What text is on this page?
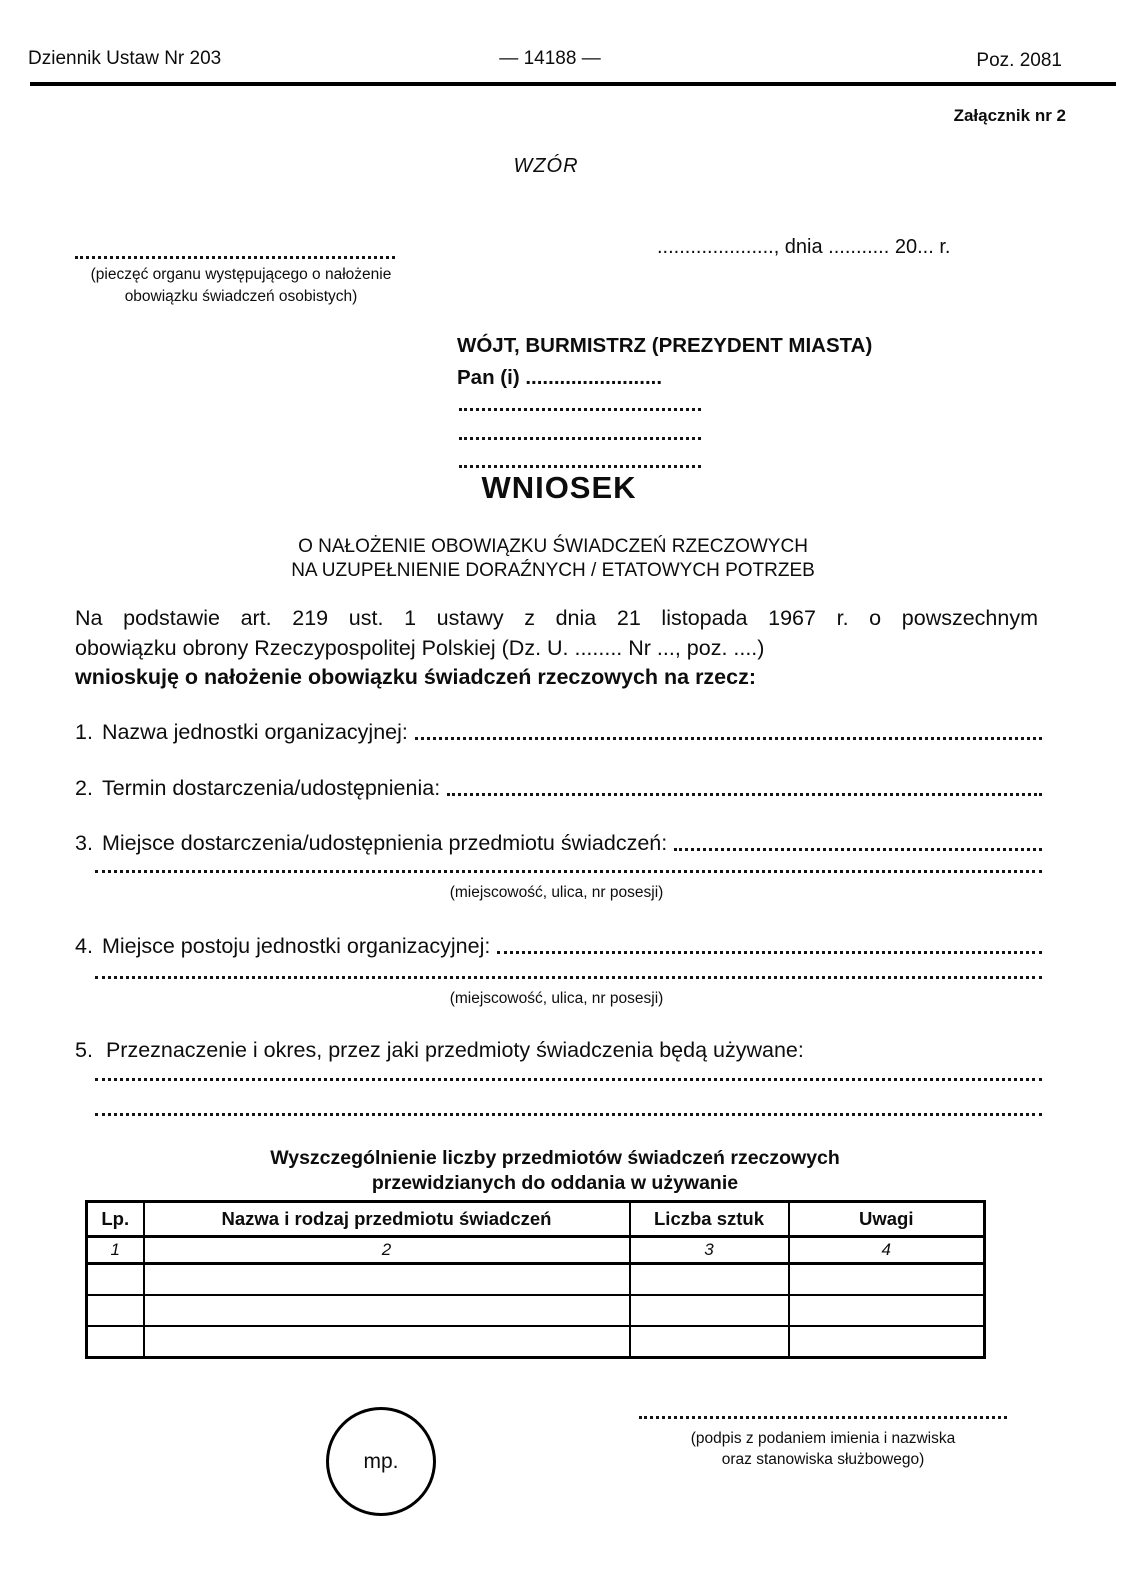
Dziennik Ustaw Nr 203	— 14188 —	Poz. 2081
Załącznik nr 2
WZÓR
....................., dnia ........... 20... r.
(pieczęć organu występującego o nałożenie
obowiązku świadczeń osobistych)
WÓJT, BURMISTRZ (PREZYDENT MIASTA)
Pan (i) ........................
WNIOSEK
O NAŁOŻENIE OBOWIĄZKU ŚWIADCZEŃ RZECZOWYCH
NA UZUPEŁNIENIE DORAŹNYCH / ETATOWYCH POTRZEB
Na podstawie art. 219 ust. 1 ustawy z dnia 21 listopada 1967 r. o powszechnym
obowiązku obrony Rzeczypospolitej Polskiej (Dz. U. ........ Nr ..., poz. ....)
wnioskuję o nałożenie obowiązku świadczeń rzeczowych na rzecz:
1. Nazwa jednostki organizacyjnej:
2. Termin dostarczenia/udostępnienia:
3. Miejsce dostarczenia/udostępnienia przedmiotu świadczeń:
(miejscowość, ulica, nr posesji)
4. Miejsce postoju jednostki organizacyjnej:
(miejscowość, ulica, nr posesji)
5. Przeznaczenie i okres, przez jaki przedmioty świadczenia będą używane:
Wyszczególnienie liczby przedmiotów świadczeń rzeczowych
przewidzianych do oddania w używanie
Lp.	Nazwa i rodzaj przedmiotu świadczeń	Liczba sztuk	Uwagi
1	2	3	4

mp.
(podpis z podaniem imienia i nazwiska
oraz stanowiska służbowego)
